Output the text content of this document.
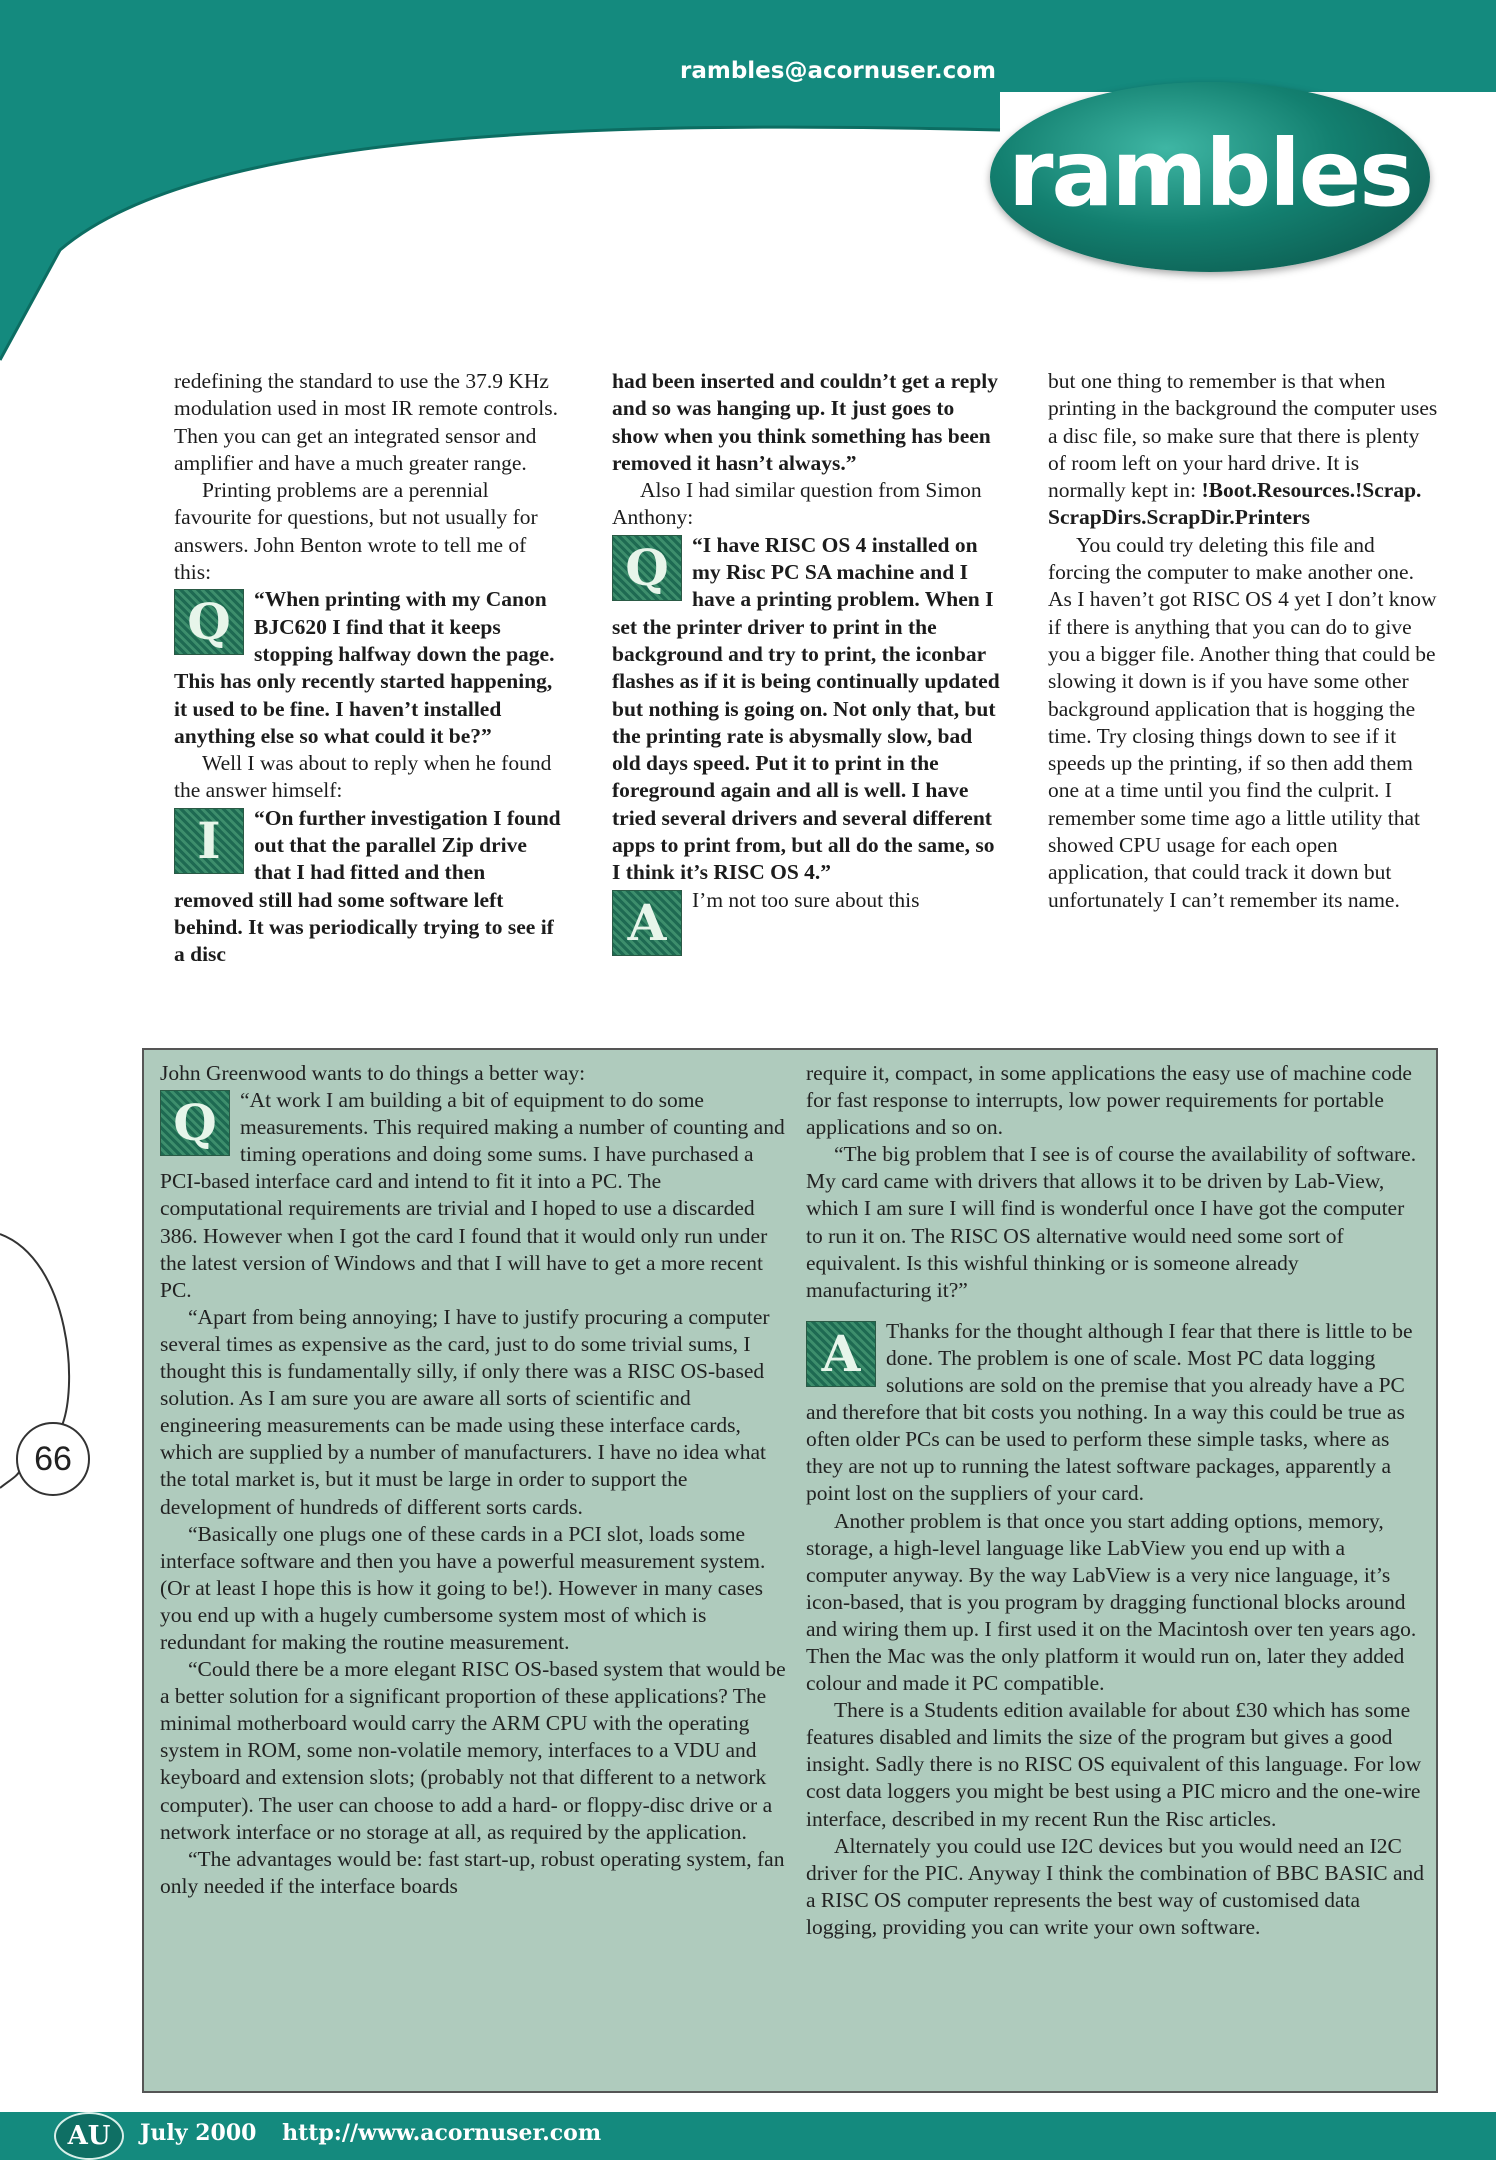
rambles@acornuser.com
rambles

redefining the standard to use the 37.9 KHz modulation used in most IR remote controls. Then you can get an integrated sensor and amplifier and have a much greater range.

Printing problems are a perennial favourite for questions, but not usually for answers. John Benton wrote to tell me of this:

Q	“When printing with my Canon BJC620 I find that it keeps stopping halfway down the page. This has only recently started happening, it used to be fine. I haven’t installed anything else so what could it be?”

Well I was about to reply when he found the answer himself:

I	“On further investigation I found out that the parallel Zip drive that I had fitted and then removed still had some software left behind. It was periodically trying to see if a disc

had been inserted and couldn’t get a reply and so was hanging up. It just goes to show when you think something has been removed it hasn’t always.”

Also I had similar question from Simon Anthony:

Q	“I have RISC OS 4 installed on my Risc PC SA machine and I have a printing problem. When I set the printer driver to print in the background and try to print, the iconbar flashes as if it is being continually updated but nothing is going on. Not only that, but the printing rate is abysmally slow, bad old days speed. Put it to print in the foreground again and all is well. I have tried several drivers and several different apps to print from, but all do the same, so I think it’s RISC OS 4.”

A	I’m not too sure about this

but one thing to remember is that when printing in the background the computer uses a disc file, so make sure that there is plenty of room left on your hard drive. It is normally kept in: !Boot.Resources.!Scrap. ScrapDirs.ScrapDir.Printers

You could try deleting this file and forcing the computer to make another one. As I haven’t got RISC OS 4 yet I don’t know if there is anything that you can do to give you a bigger file. Another thing that could be slowing it down is if you have some other background application that is hogging the time. Try closing things down to see if it speeds up the printing, if so then add them one at a time until you find the culprit. I remember some time ago a little utility that showed CPU usage for each open application, that could track it down but unfortunately I can’t remember its name.

John Greenwood wants to do things a better way:

Q	“At work I am building a bit of equipment to do some measurements. This required making a number of counting and timing operations and doing some sums. I have purchased a PCI-based interface card and intend to fit it into a PC. The computational requirements are trivial and I hoped to use a discarded 386. However when I got the card I found that it would only run under the latest version of Windows and that I will have to get a more recent PC.

“Apart from being annoying; I have to justify procuring a computer several times as expensive as the card, just to do some trivial sums, I thought this is fundamentally silly, if only there was a RISC OS-based solution. As I am sure you are aware all sorts of scientific and engineering measurements can be made using these interface cards, which are supplied by a number of manufacturers. I have no idea what the total market is, but it must be large in order to support the development of hundreds of different sorts cards.

“Basically one plugs one of these cards in a PCI slot, loads some interface software and then you have a powerful measurement system. (Or at least I hope this is how it going to be!). However in many cases you end up with a hugely cumbersome system most of which is redundant for making the routine measurement.

“Could there be a more elegant RISC OS-based system that would be a better solution for a significant proportion of these applications? The minimal motherboard would carry the ARM CPU with the operating system in ROM, some non-volatile memory, interfaces to a VDU and keyboard and extension slots; (probably not that different to a network computer). The user can choose to add a hard- or floppy-disc drive or a network interface or no storage at all, as required by the application.

“The advantages would be: fast start-up, robust operating system, fan only needed if the interface boards

require it, compact, in some applications the easy use of machine code for fast response to interrupts, low power requirements for portable applications and so on.

“The big problem that I see is of course the availability of software. My card came with drivers that allows it to be driven by Lab-View, which I am sure I will find is wonderful once I have got the computer to run it on. The RISC OS alternative would need some sort of equivalent. Is this wishful thinking or is someone already manufacturing it?”

A	Thanks for the thought although I fear that there is little to be done. The problem is one of scale. Most PC data logging solutions are sold on the premise that you already have a PC and therefore that bit costs you nothing. In a way this could be true as often older PCs can be used to perform these simple tasks, where as they are not up to running the latest software packages, apparently a point lost on the suppliers of your card.

Another problem is that once you start adding options, memory, storage, a high-level language like LabView you end up with a computer anyway. By the way LabView is a very nice language, it’s icon-based, that is you program by dragging functional blocks around and wiring them up. I first used it on the Macintosh over ten years ago. Then the Mac was the only platform it would run on, later they added colour and made it PC compatible.

There is a Students edition available for about £30 which has some features disabled and limits the size of the program but gives a good insight. Sadly there is no RISC OS equivalent of this language. For low cost data loggers you might be best using a PIC micro and the one-wire interface, described in my recent Run the Risc articles.

Alternately you could use I2C devices but you would need an I2C driver for the PIC. Anyway I think the combination of BBC BASIC and a RISC OS computer represents the best way of customised data logging, providing you can write your own software.

66
AU	July 2000 http://www.acornuser.com
